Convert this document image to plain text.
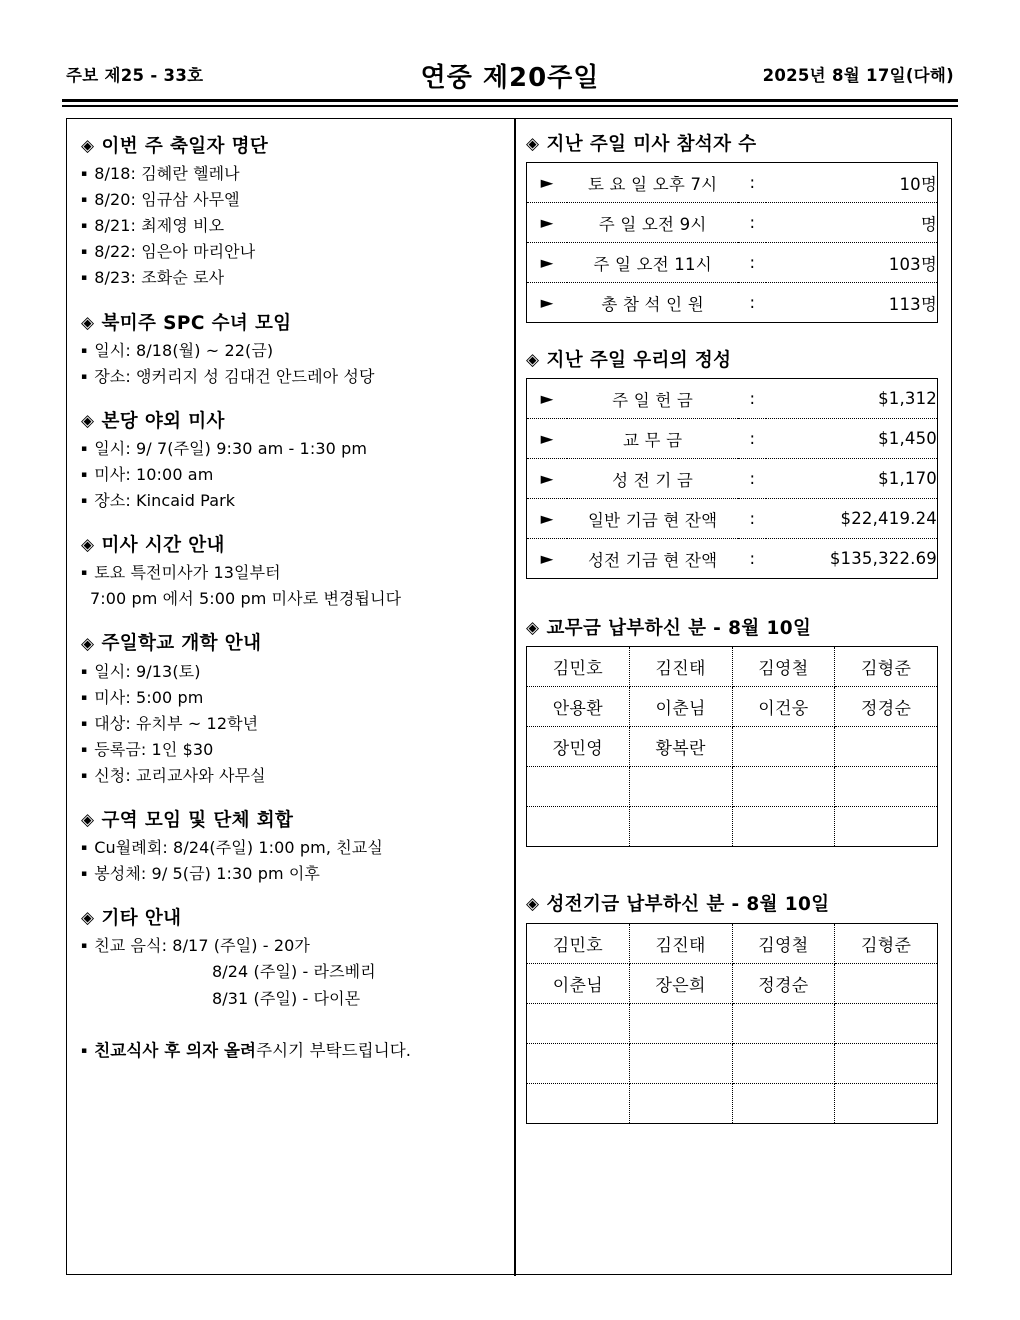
주보 제25 - 33호	연중 제20주일	2025년 8월 17일(다해)
◈ 이번 주 축일자 명단
▪ 8/18: 김혜란 헬레나
▪ 8/20: 임규삼 사무엘
▪ 8/21: 최제영 비오
▪ 8/22: 임은아 마리안나
▪ 8/23: 조화순 로사
◈ 북미주 SPC 수녀 모임
▪ 일시: 8/18(월) ~ 22(금)
▪ 장소: 앵커리지 성 김대건 안드레아 성당
◈ 본당 야외 미사
▪ 일시: 9/ 7(주일) 9:30 am - 1:30 pm
▪ 미사: 10:00 am
▪ 장소: Kincaid Park
◈ 미사 시간 안내
▪ 토요 특전미사가 13일부터
7:00 pm 에서 5:00 pm 미사로 변경됩니다
◈ 주일학교 개학 안내
▪ 일시: 9/13(토)
▪ 미사: 5:00 pm
▪ 대상: 유치부 ~ 12학년
▪ 등록금: 1인 $30
▪ 신청: 교리교사와 사무실
◈ 구역 모임 및 단체 회합
▪ Cu월례회: 8/24(주일) 1:00 pm, 친교실
▪ 봉성체: 9/ 5(금) 1:30 pm 이후
◈ 기타 안내
▪ 친교 음식: 8/17 (주일) - 20가
8/24 (주일) - 라즈베리
8/31 (주일) - 다이몬
▪ 친교식사 후 의자 올려 주시기 부탁드립니다.
◈ 지난 주일 미사 참석자 수
►	토 요 일 오후 7시	:	10명
►	주 일 오전 9시	:	명
►	주 일 오전 11시	:	103명
►	총 참 석 인 원	:	113명
◈ 지난 주일 우리의 정성
►	주 일 헌 금	:	$1,312
►	교 무 금	:	$1,450
►	성 전 기 금	:	$1,170
►	일반 기금 현 잔액	:	$22,419.24
►	성전 기금 현 잔액	:	$135,322.69
◈ 교무금 납부하신 분 - 8월 10일
김민호	김진태	김영철	김형준
안용환	이춘님	이건웅	정경순
장민영	황복란		

◈ 성전기금 납부하신 분 - 8월 10일
김민호	김진태	김영철	김형준
이춘님	장은희	정경순	
